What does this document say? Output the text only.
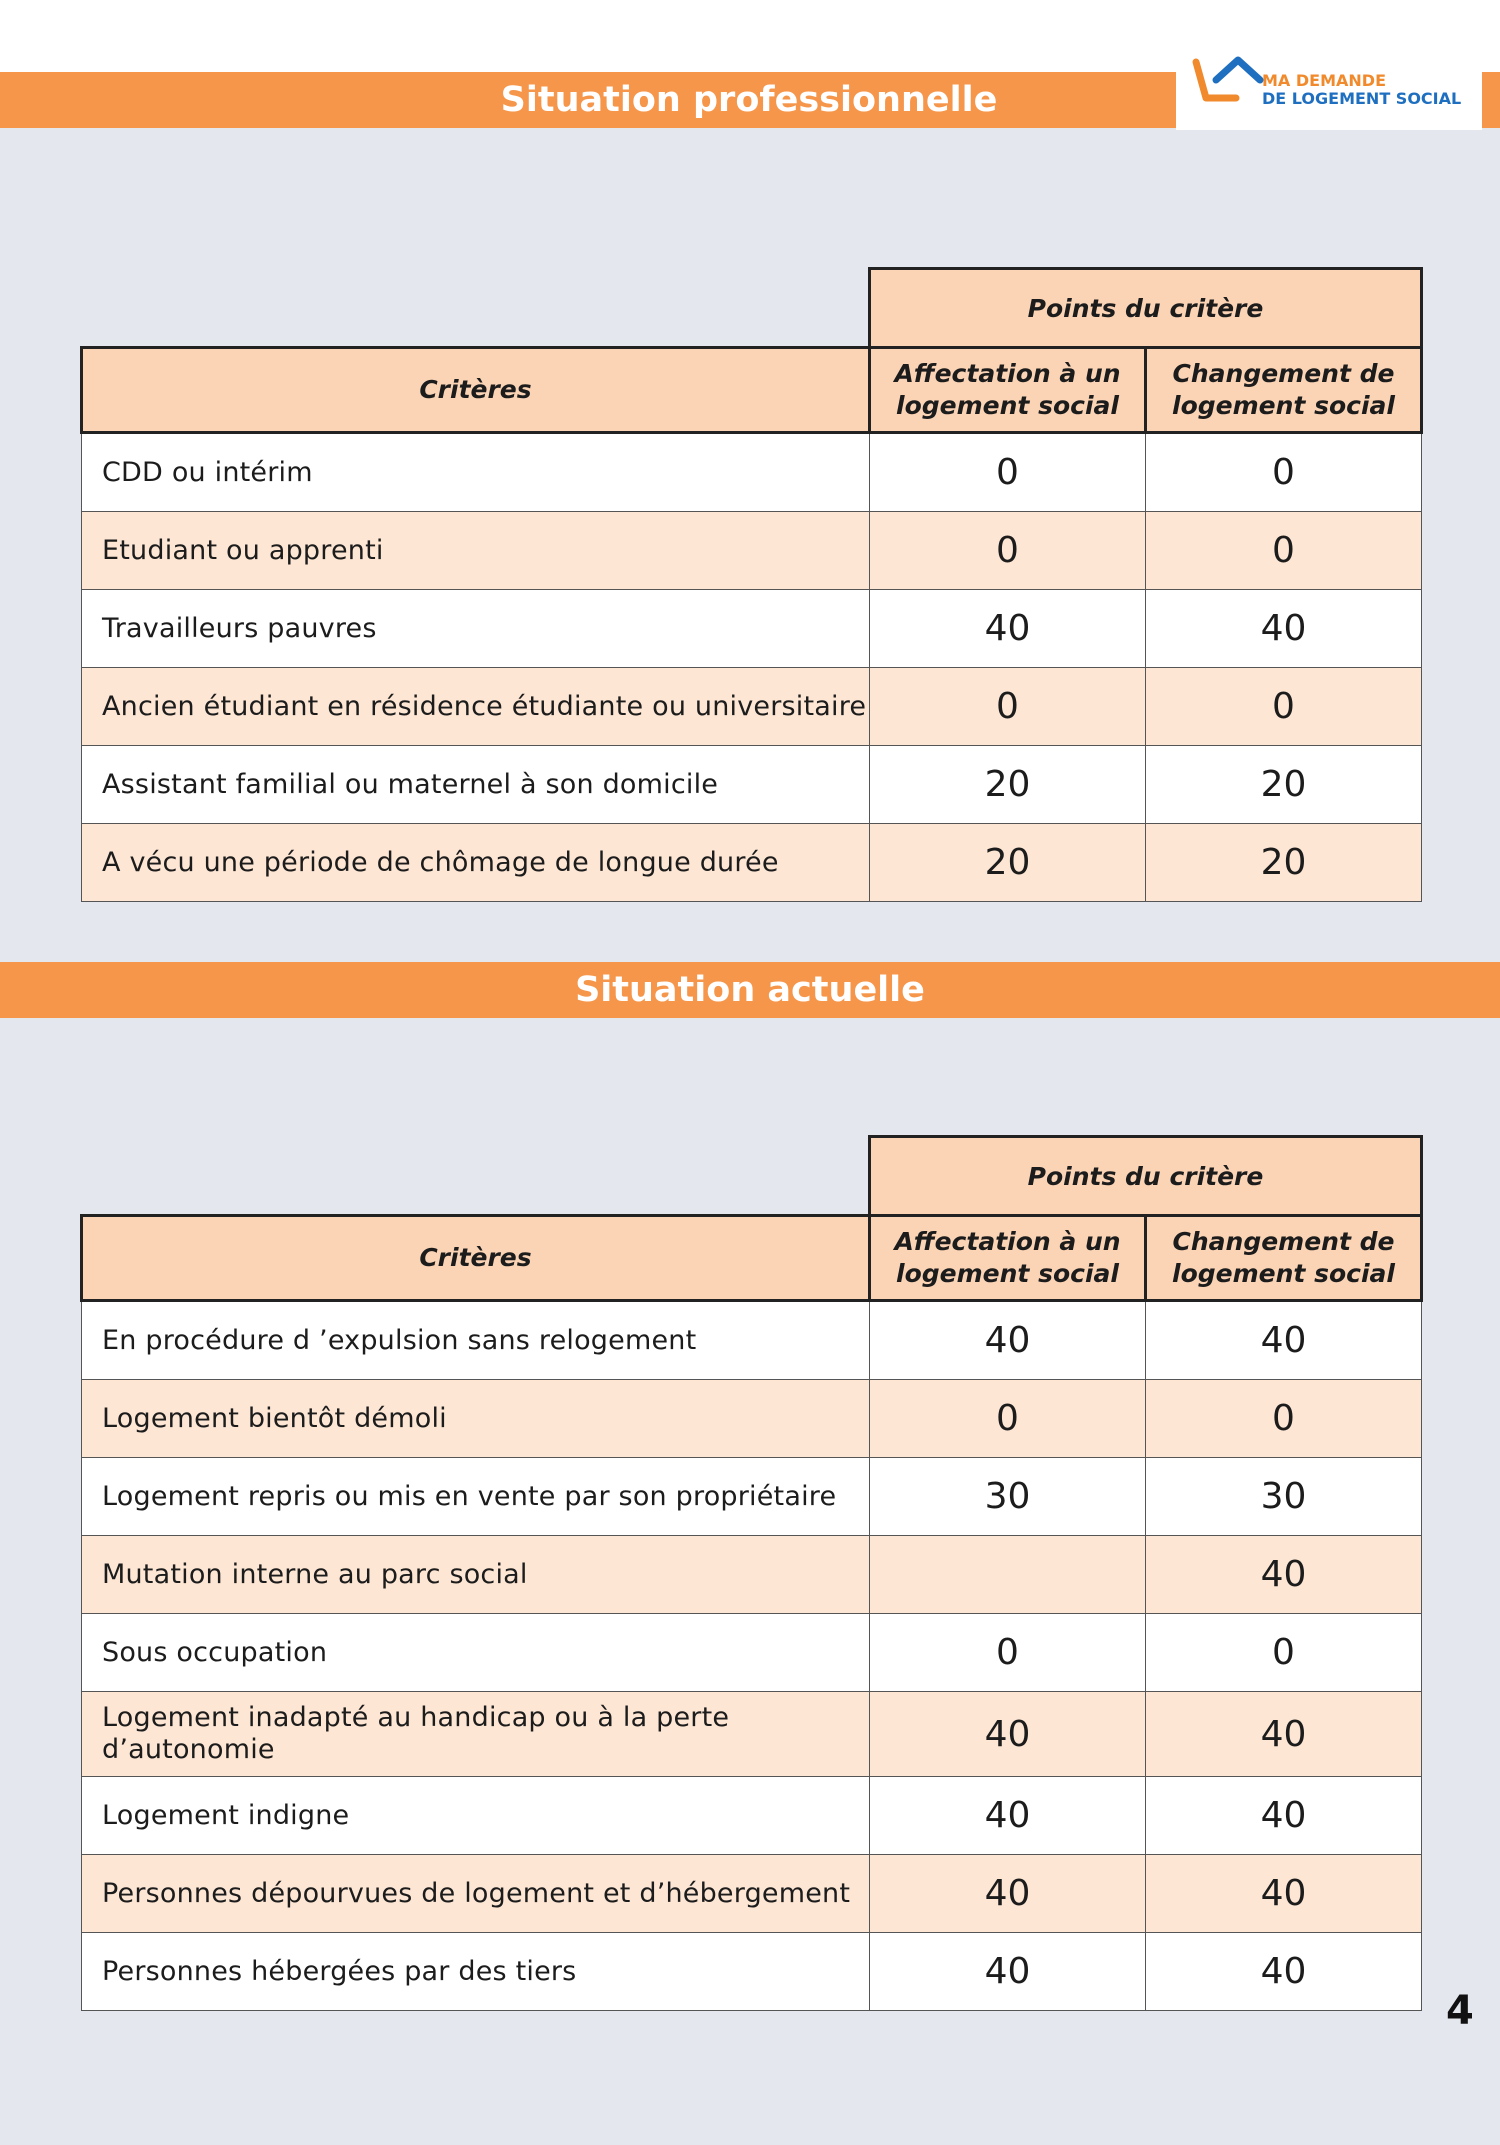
Situation professionnelle	MA DEMANDE
DE LOGEMENT SOCIAL
	Points du critère	
Critères	Affectation à un logement social	Changement de logement social
CDD ou intérim	0	0
Etudiant ou apprenti	0	0
Travailleurs pauvres	40	40
Ancien étudiant en résidence étudiante ou universitaire	0	0
Assistant familial ou maternel à son domicile	20	20
A vécu une période de chômage de longue durée	20	20
Situation actuelle
	Points du critère	
Critères	Affectation à un logement social	Changement de logement social
En procédure d ’expulsion sans relogement	40	40
Logement bientôt démoli	0	0
Logement repris ou mis en vente par son propriétaire	30	30
Mutation interne au parc social		40
Sous occupation	0	0
Logement inadapté au handicap ou à la perte d’autonomie	40	40
Logement indigne	40	40
Personnes dépourvues de logement et d’hébergement	40	40
Personnes hébergées par des tiers	40	40
4
